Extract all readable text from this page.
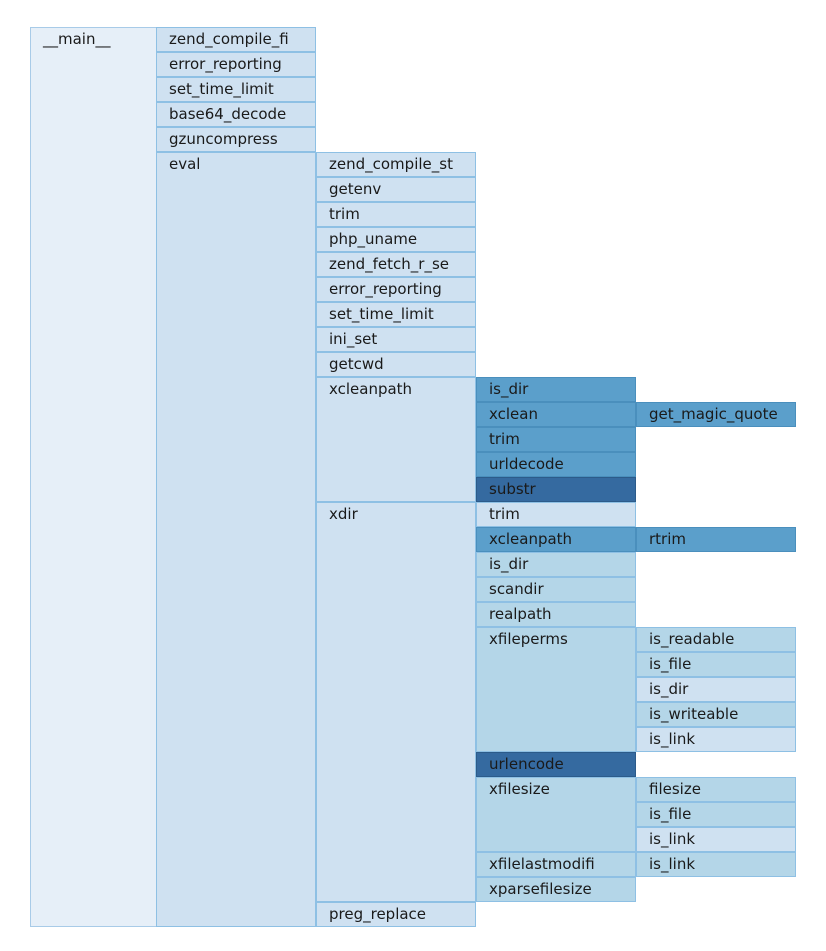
__main__	zend_compile_fi
error_reporting
set_time_limit
base64_decode
gzuncompress
eval	zend_compile_st
getenv
trim
php_uname
zend_fetch_r_se
error_reporting
set_time_limit
ini_set
getcwd
xcleanpath	is_dir
xclean	get_magic_quote
trim
urldecode
substr
xdir	trim
xcleanpath	rtrim
is_dir
scandir
realpath
xfileperms	is_readable
is_file
is_dir
is_writeable
is_link
urlencode
xfilesize	filesize
is_file
is_link
xfilelastmodifi	is_link
xparsefilesize
preg_replace
